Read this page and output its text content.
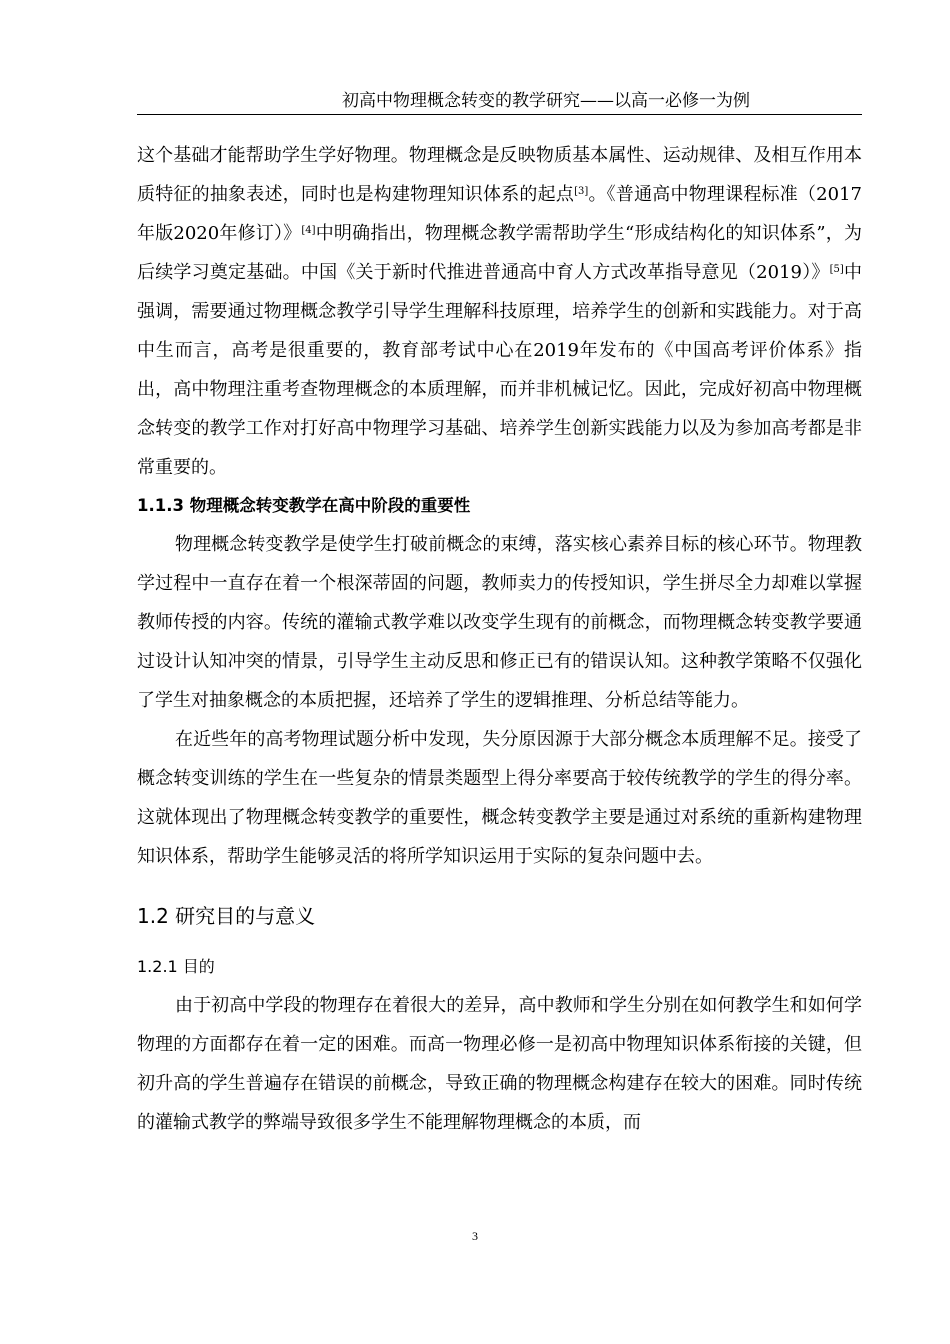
初高中物理概念转变的教学研究——以高一必修一为例

这个基础才能帮助学生学好物理。物理概念是反映物质基本属性、运动规律、及相互作用本质特征的抽象表述，同时也是构建物理知识体系的起点[3]。《普通高中物理课程标准（2017年版2020年修订）》[4]中明确指出，物理概念教学需帮助学生“形成结构化的知识体系”，为后续学习奠定基础。中国《关于新时代推进普通高中育人方式改革指导意见（2019）》[5]中强调，需要通过物理概念教学引导学生理解科技原理，培养学生的创新和实践能力。对于高中生而言，高考是很重要的，教育部考试中心在2019年发布的《中国高考评价体系》指出，高中物理注重考查物理概念的本质理解，而并非机械记忆。因此，完成好初高中物理概念转变的教学工作对打好高中物理学习基础、培养学生创新实践能力以及为参加高考都是非常重要的。

1.1.3 物理概念转变教学在高中阶段的重要性

物理概念转变教学是使学生打破前概念的束缚，落实核心素养目标的核心环节。物理教学过程中一直存在着一个根深蒂固的问题，教师卖力的传授知识，学生拼尽全力却难以掌握教师传授的内容。传统的灌输式教学难以改变学生现有的前概念，而物理概念转变教学要通过设计认知冲突的情景，引导学生主动反思和修正已有的错误认知。这种教学策略不仅强化了学生对抽象概念的本质把握，还培养了学生的逻辑推理、分析总结等能力。

在近些年的高考物理试题分析中发现，失分原因源于大部分概念本质理解不足。接受了概念转变训练的学生在一些复杂的情景类题型上得分率要高于较传统教学的学生的得分率。这就体现出了物理概念转变教学的重要性，概念转变教学主要是通过对系统的重新构建物理知识体系，帮助学生能够灵活的将所学知识运用于实际的复杂问题中去。

1.2 研究目的与意义
1.2.1 目的

由于初高中学段的物理存在着很大的差异，高中教师和学生分别在如何教学生和如何学物理的方面都存在着一定的困难。而高一物理必修一是初高中物理知识体系衔接的关键，但初升高的学生普遍存在错误的前概念，导致正确的物理概念构建存在较大的困难。同时传统的灌输式教学的弊端导致很多学生不能理解物理概念的本质，而

3
